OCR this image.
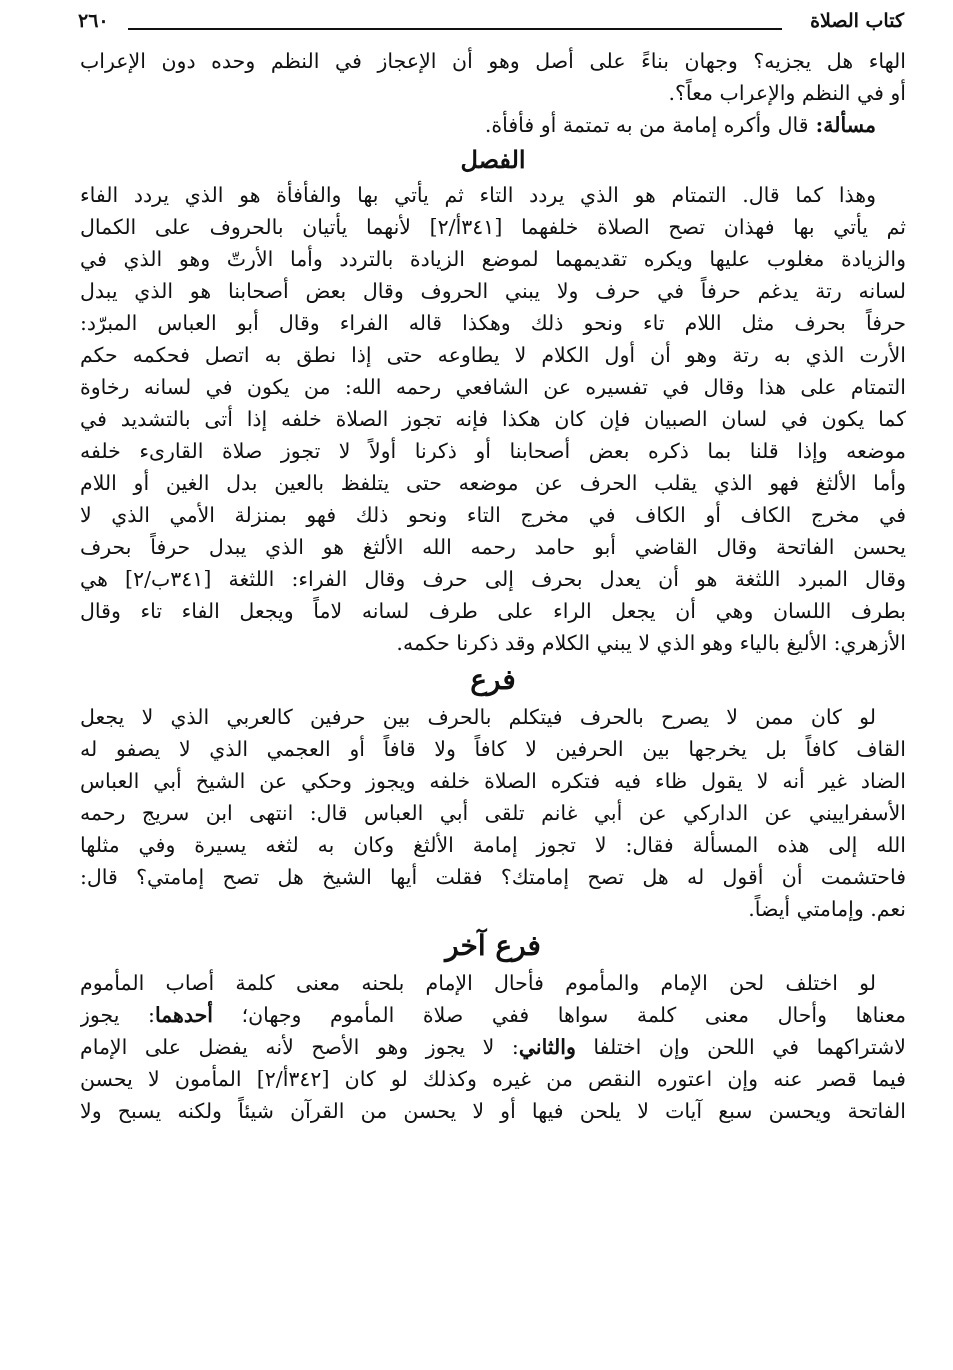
كتاب الصلاة
٢٦٠
الهاء هل يجزيه؟ وجهان بناءً على أصل وهو أن الإعجاز في النظم وحده دون الإعراب
أو في النظم والإعراب معاً؟.
مسألة: قال وأكره إمامة من به تمتمة أو فأفأة.
الفصل
وهذا كما قال. التمتام هو الذي يردد التاء ثم يأتي بها والفأفأة هو الذي يردد الفاء
ثم يأتي بها فهذان تصح الصلاة خلفهما [٣٤١أ/٢] لأنهما يأتيان بالحروف على الكمال
والزيادة مغلوب عليها ويكره تقديمهما لموضع الزيادة بالتردد وأما الأرتّ وهو الذي في
لسانه رتة يدغم حرفاً في حرف ولا يبني الحروف وقال بعض أصحابنا هو الذي يبدل
حرفاً بحرف مثل اللام تاء ونحو ذلك وهكذا قاله الفراء وقال أبو العباس المبرّد:
الأرت الذي به رتة وهو أن أول الكلام لا يطاوعه حتى إذا نطق به اتصل فحكمه حكم
التمتام على هذا وقال في تفسيره عن الشافعي رحمه الله: من يكون في لسانه رخاوة
كما يكون في لسان الصبيان فإن كان هكذا فإنه تجوز الصلاة خلفه إذا أتى بالتشديد في
موضعه وإذا قلنا بما ذكره بعض أصحابنا أو ذكرنا أولاً لا تجوز صلاة القارىء خلفه
وأما الألثغ فهو الذي يقلب الحرف عن موضعه حتى يتلفظ بالعين بدل الغين أو اللام
في مخرج الكاف أو الكاف في مخرج التاء ونحو ذلك فهو بمنزلة الأمي الذي لا
يحسن الفاتحة وقال القاضي أبو حامد رحمه الله الألثغ هو الذي يبدل حرفاً بحرف
وقال المبرد اللثغة هو أن يعدل بحرف إلى حرف وقال الفراء: اللثغة [٣٤١ب/٢] هي
بطرف اللسان وهي أن يجعل الراء على طرف لسانه لاماً ويجعل الفاء تاء وقال
الأزهري: الأليغ بالياء وهو الذي لا يبني الكلام وقد ذكرنا حكمه.
فرع
لو كان ممن لا يصرح بالحرف فيتكلم بالحرف بين حرفين كالعربي الذي لا يجعل
القاف كافاً بل يخرجها بين الحرفين لا كافاً ولا قافاً أو العجمي الذي لا يصفو له
الضاد غير أنه لا يقول ظاء فيه فتكره الصلاة خلفه ويجوز وحكي عن الشيخ أبي العباس
الأسفراييني عن الداركي عن أبي غانم تلقى أبي العباس قال: انتهى ابن سريج رحمه
الله إلى هذه المسألة فقال: لا تجوز إمامة الألثغ وكان به لثغه يسيرة وفي مثلها
فاحتشمت أن أقول له هل تصح إمامتك؟ فقلت أيها الشيخ هل تصح إمامتي؟ قال:
نعم. وإمامتي أيضاً.
فرع آخر
لو اختلف لحن الإمام والمأموم فأحال الإمام بلحنه معنى كلمة أصاب المأموم
معناها وأحال معنى كلمة سواها ففي صلاة المأموم وجهان؛ أحدهما: يجوز
لاشتراكهما في اللحن وإن اختلفا والثاني: لا يجوز وهو الأصح لأنه يفضل على الإمام
فيما قصر عنه وإن اعتوره النقص من غيره وكذلك لو كان [٣٤٢أ/٢] المأمون لا يحسن
الفاتحة ويحسن سبع آيات لا يلحن فيها أو لا يحسن من القرآن شيئاً ولكنه يسبح ولا
